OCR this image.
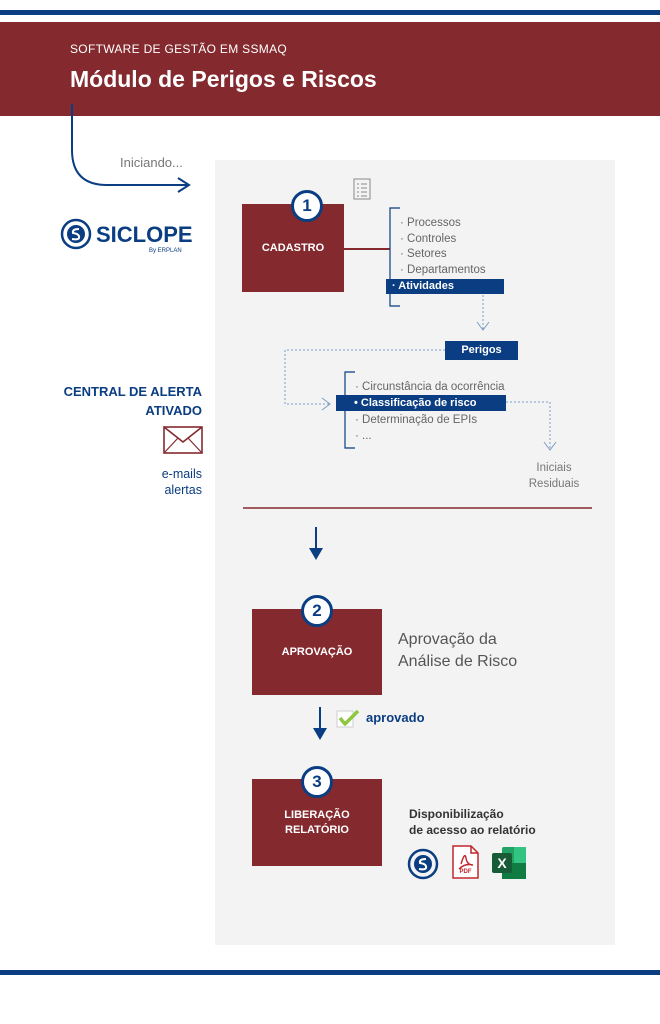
SOFTWARE DE GESTÃO EM SSMAQ
Módulo de Perigos e Riscos
Iniciando...
SICLOPE
By ERPLAN
CENTRAL DE ALERTA
ATIVADO
e-mails
alertas
CADASTRO
1
· Processos
· Controles
· Setores
· Departamentos
· Atividades
Perigos
· Circunstância da ocorrência
• Classificação de risco
· Determinação de EPIs
· ...
Iniciais
Residuais
APROVAÇÃO
2
Aprovação da
Análise de Risco
aprovado
LIBERAÇÃO
RELATÓRIO
3
Disponibilização
de acesso ao relatório
PDF
X
